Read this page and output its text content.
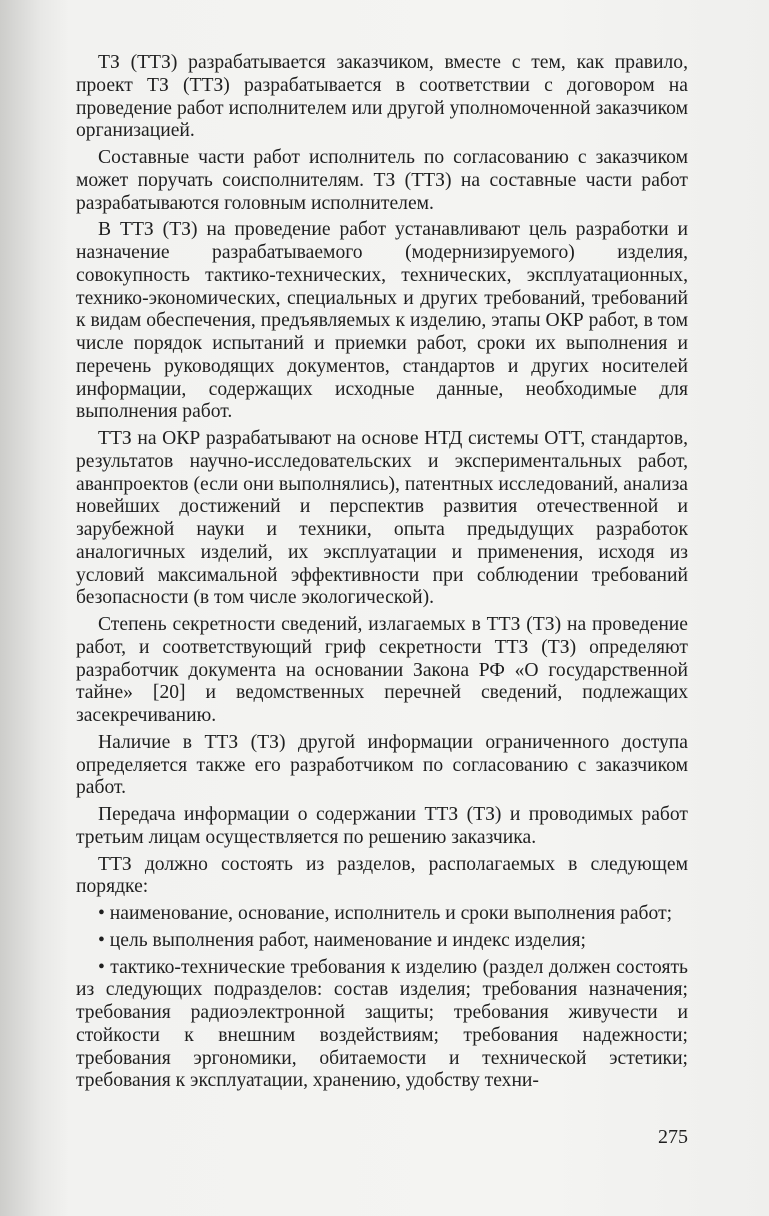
ТЗ (ТТЗ) разрабатывается заказчиком, вместе с тем, как правило, проект ТЗ (ТТЗ) разрабатывается в соответствии с договором на проведение работ исполнителем или другой уполномоченной заказчиком организацией.

Составные части работ исполнитель по согласованию с заказчиком может поручать соисполнителям. ТЗ (ТТЗ) на составные части работ разрабатываются головным исполнителем.

В ТТЗ (ТЗ) на проведение работ устанавливают цель разработки и назначение разрабатываемого (модернизируемого) изделия, совокупность тактико-технических, технических, эксплуатационных, технико-экономических, специальных и других требований, требований к видам обеспечения, предъявляемых к изделию, этапы ОКР работ, в том числе порядок испытаний и приемки работ, сроки их выполнения и перечень руководящих документов, стандартов и других носителей информации, содержащих исходные данные, необходимые для выполнения работ.

ТТЗ на ОКР разрабатывают на основе НТД системы ОТТ, стандартов, результатов научно-исследовательских и экспериментальных работ, аванпроектов (если они выполнялись), патентных исследований, анализа новейших достижений и перспектив развития отечественной и зарубежной науки и техники, опыта предыдущих разработок аналогичных изделий, их эксплуатации и применения, исходя из условий максимальной эффективности при соблюдении требований безопасности (в том числе экологической).

Степень секретности сведений, излагаемых в ТТЗ (ТЗ) на проведение работ, и соответствующий гриф секретности ТТЗ (ТЗ) определяют разработчик документа на основании Закона РФ «О государственной тайне» [20] и ведомственных перечней сведений, подлежащих засекречиванию.

Наличие в ТТЗ (ТЗ) другой информации ограниченного доступа определяется также его разработчиком по согласованию с заказчиком работ.

Передача информации о содержании ТТЗ (ТЗ) и проводимых работ третьим лицам осуществляется по решению заказчика.

ТТЗ должно состоять из разделов, располагаемых в следующем порядке:

• наименование, основание, исполнитель и сроки выполнения работ;

• цель выполнения работ, наименование и индекс изделия;

• тактико-технические требования к изделию (раздел должен состоять из следующих подразделов: состав изделия; требования назначения; требования радиоэлектронной защиты; требования живучести и стойкости к внешним воздействиям; требования надежности; требования эргономики, обитаемости и технической эстетики; требования к эксплуатации, хранению, удобству техни-

275
